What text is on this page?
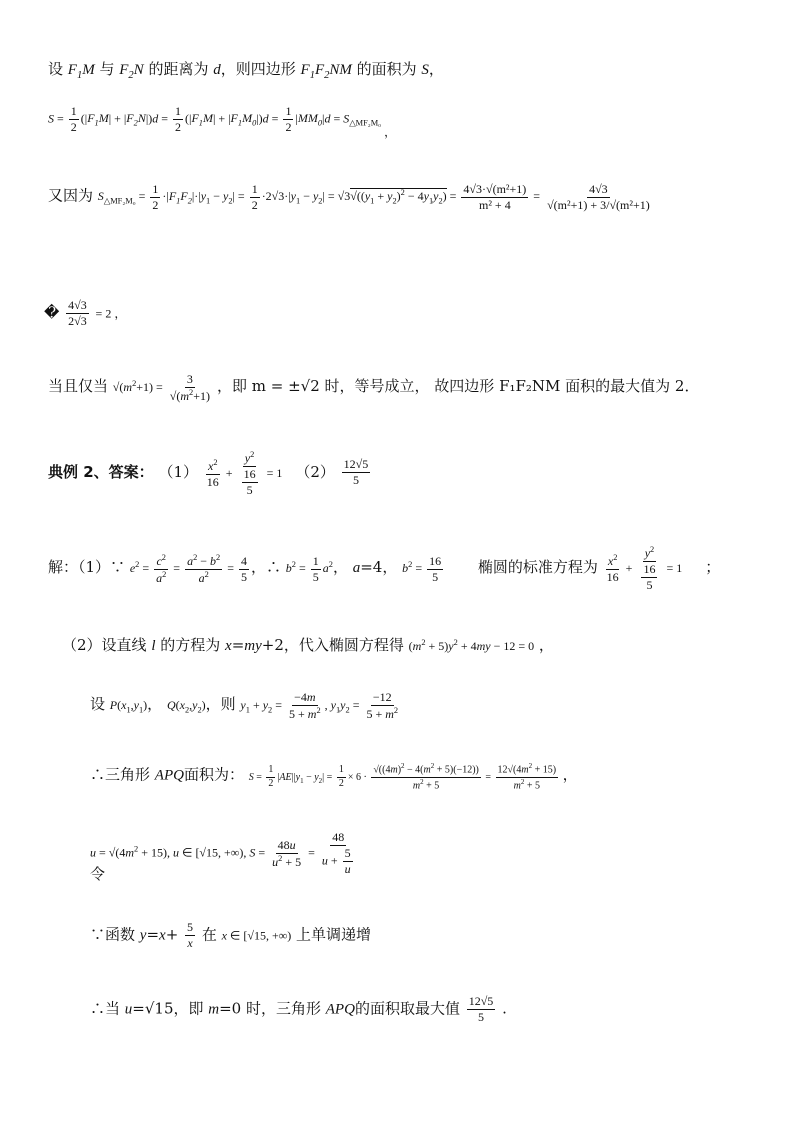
设 $F_1M$ 与 $F_2N$ 的距离为 d，则四边形 $F_1F_2NM$ 的面积为 S，
$S = \frac{1}{2} (|F_1M| + |F_2N|)d = \frac{1}{2} (|F_1M| + |F_1M_0|)d = \frac{1}{2} |MM_0|d = S_{\triangle MF_2M_0}$ ，
又因为 $S_{\triangle MF_2M_0} = \frac{1}{2} \cdot|F_1F_2|\cdot|y_1 - y_2| = \frac{1}{2} \cdot 2√3\cdot|y_1 - y_2| = √3√((y_1 + y_2)^2 - 4y_1y_2) = \frac{\text{4√3·√(m²+1)}}{\text{m² + 4}} = \frac{4√3}{\text{√(m²+1) + 3/√(m²+1)}}$
� $\frac{4√3}{2√3} = 2$ ，
当且仅当 $√(m^2+1) = \frac{3}{√(m^2+1)}$ ，即 m = ±√2 时，等号成立， 故四边形 F₁F₂NM 面积的最大值为 2．
典例 2、答案： $(1) \frac{x^2}{16} + \frac{y^2}{\frac{16}{5}} = 1$ $(2) \frac{12√5}{5}$
解：（1）∵ $e^2 = \frac{c^2}{a^2} = \frac{a^2 - b^2}{a^2} = \frac{4}{5}$ ，∴ $b^2 = \frac{1}{5} a^2$， a=4， $b^2 = \frac{16}{5}$ 椭圆的标准方程为 $\frac{x^2}{16} + \frac{y^2}{\frac{16}{5}} = 1$ ；
（2）设直线 l 的方程为 x=my+2，代入椭圆方程得 $(m^2 + 5)y^2 + 4my - 12 = 0$ ，
设 $P(x_1,y_1)$， $Q(x_2,y_2)$，则 $y_1 + y_2 = \frac{-4m}{5 + m^2}$ , $y_1y_2 = \frac{-12}{5 + m^2}$
∴三角形 APQ面积为： $S = \frac{1}{2} |AE||y_1 - y_2| = \frac{1}{2} \times 6 \cdot \frac{√((4m)^2 - 4(m^2 + 5)(-12))}{m^2 + 5} = \frac{12√(4m^2 + 15)}{m^2 + 5}$ ，
$u = √(4m^2 + 15)$, u ∈ [√15, +∞), $S = \frac{48u}{u^2 + 5} = \frac{48}{u + \frac{5}{u}}$
令
∵函数 $y=x+ \frac{5}{x}$ 在 x ∈ [√15, +∞) 上单调递增
∴当 u=√15，即 m=0 时，三角形 APQ的面积取最大值 $\frac{12√5}{5}$ .
